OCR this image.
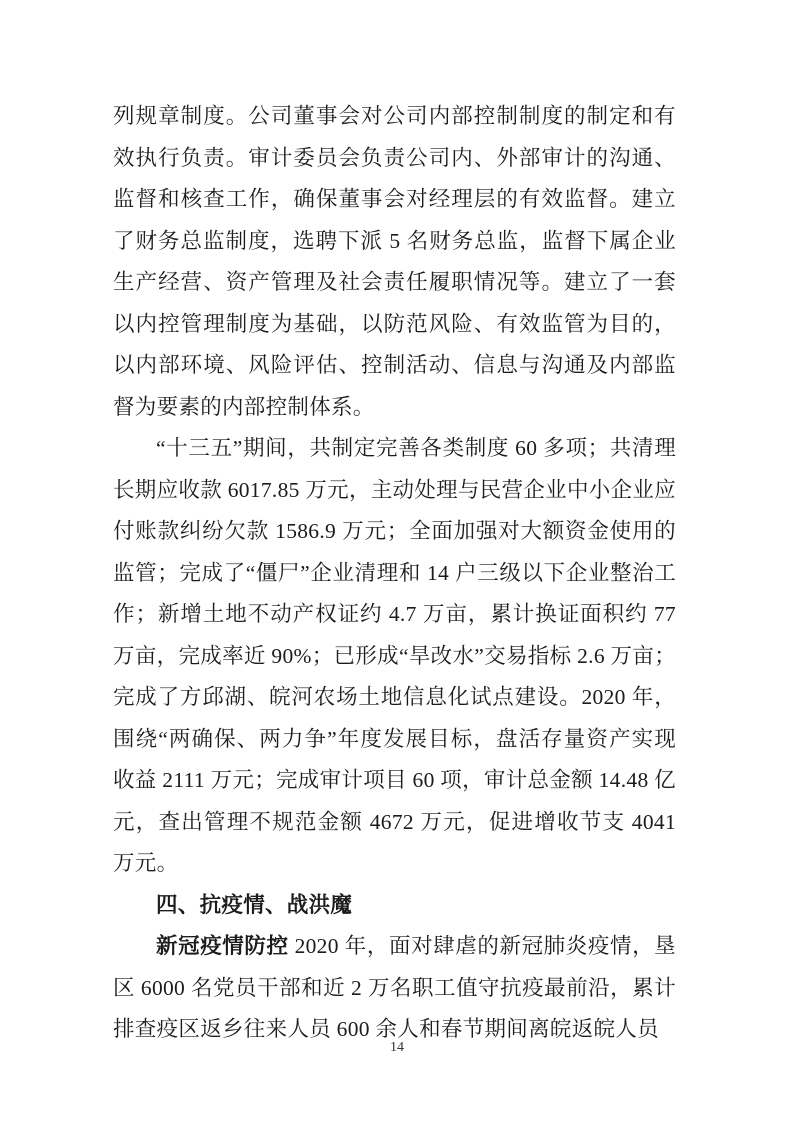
列规章制度。公司董事会对公司内部控制制度的制定和有效执行负责。审计委员会负责公司内、外部审计的沟通、监督和核查工作，确保董事会对经理层的有效监督。建立了财务总监制度，选聘下派 5 名财务总监，监督下属企业生产经营、资产管理及社会责任履职情况等。建立了一套以内控管理制度为基础，以防范风险、有效监管为目的，以内部环境、风险评估、控制活动、信息与沟通及内部监督为要素的内部控制体系。

“十三五”期间，共制定完善各类制度 60 多项；共清理长期应收款 6017.85 万元，主动处理与民营企业中小企业应付账款纠纷欠款 1586.9 万元；全面加强对大额资金使用的监管；完成了“僵尸”企业清理和 14 户三级以下企业整治工作；新增土地不动产权证约 4.7 万亩，累计换证面积约 77 万亩，完成率近 90%；已形成“旱改水”交易指标 2.6 万亩；完成了方邱湖、皖河农场土地信息化试点建设。2020 年，围绕“两确保、两力争”年度发展目标，盘活存量资产实现收益 2111 万元；完成审计项目 60 项，审计总金额 14.48 亿元，查出管理不规范金额 4672 万元，促进增收节支 4041 万元。

四、抗疫情、战洪魔

新冠疫情防控 2020 年，面对肆虐的新冠肺炎疫情，垦区 6000 名党员干部和近 2 万名职工值守抗疫最前沿，累计排查疫区返乡往来人员 600 余人和春节期间离皖返皖人员

14
